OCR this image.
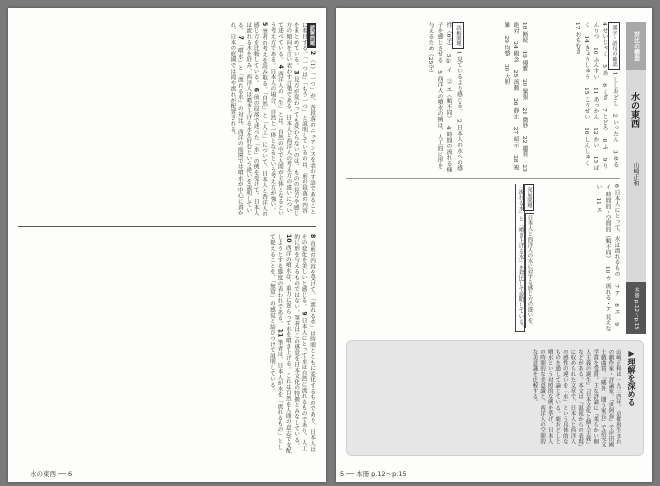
読解問題 2 （1）「一つ」が、各段落のニュアンスを表わす語であることに着目する。「一つは」「もう一つ」と説明しているのは、前の段落の内容をまとめている。 3 見方が変わっても変わらないのは、ものの見方や感じ方の傾向を言い表わす言葉である。日本人と西洋人の考え方の違いについて述べている。 4 西洋人の「生」とは、自然の中で人間が主体となるという考え方である。日本人の場合、自然と一体となるという考え方が強い。 5 筆者の考えを読み取る。「自然」と「人工」について、日本人と西洋人の感じ方を比較している。 6 前の段落で述べた「水」の例を受けて、日本人は流れる水を好み、西洋人は噴き上げる水を好むという違いを説明している。 7 「噴水」と「流れる水」の対比。西洋の庭園では噴水が中心に置かれ、日本の庭園では滝や流れが配置される。
8 直前の内容を受けて、「流れる水」は時間とともに変化するものであり、日本人はその変化を美しいと感じる。 9 日本人にとって水は自然に流れるものであり、人工的に形を与えるものではない。筆者はこの感覚を日本文化の特徴とみなしている。 10 西洋の噴水は、重力に逆らって水を噴き上げる。これは自然を人間の意志で支配しようとする態度の表われである。 11 筆者は、日本人が水を「流れるもの」として捉えることを、「無常」の感覚と結びつけて説明している。
水の東西 ── 6
対比の構造
水の東西
山崎正和
本冊 p.12〜p.15
漢字・語句の確認 1 ししおどし　 2 いったん　 3 ゆる　 4 せいじゃく　 5 あ　 6 くぎ　 7 とどろ　 8 ふ　 9 りんりつ　 10 ふんすい　 11 あっかん　 12 かい　 13 ばく　 14 きょうしゅう　 15 こうせい　 16 しんしゅく　 17 おもむき
18 断続　 19 優雅　 20 緊張　 21 微妙　 22 鑑賞　 23 絶対　 24 観念　 25 流動　 26 静止　 27 暗示　 28 複雑　 29 均整　 30 大胆
読解問題 1 見ているより感じる。　 2 日本人の水への感性（6字）　 3 ① イ　② エ（順不同）　 4 時間の流れる様子を感じさせる　 5 西洋人の噴水の例は、人工的に形を与えるため（25字）
6 日本人にとって、水は流れるもの　 7 ア　 8 エ　 9 イ 時間的・空間的（順不同）　 10 ウ 流れる・ア 見えない　 11 エ
発展問題 日本人と西洋人の水に対する感じ方の違いを、「流れる水」と「噴き上げる水」を対比して説明している。
▶理解を深める
山崎正和は一九三四年、京都府生まれの劇作家・評論家。『世阿弥』で岸田國士戯曲賞、『鷗外　闘う家長』で読売文学賞を受賞。主な評論に『柔らかい個人主義の誕生』『日本文化と個人主義』などがある。本文は『混沌からの表現』に収められた文章で、日本人と西洋人の感性の違いを「水」という具体的なものを通して論じている。鹿おどしと噴水という対照的な例を挙げ、日本人の時間的な美意識と、西洋人の空間的な美意識を比較する。
5 ── 本冊 p.12〜p.15
